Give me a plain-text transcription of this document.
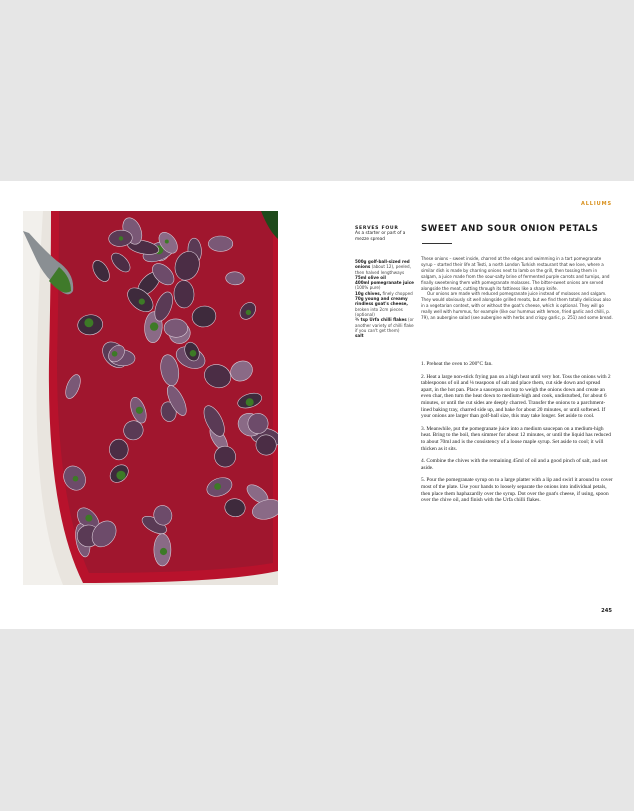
ALLIUMS
SERVES FOUR
As a starter or part of a mezze spread

500g golf-ball-sized red onions (about 12), peeled, then halved lengthways

75ml olive oil

400ml pomegranate juice (100% pure)

10g chives, finely chopped

70g young and creamy rindless goat's cheese, broken into 2cm pieces (optional)

¾ tsp Urfa chilli flakes (or another variety of chilli flake if you can't get them)

salt

SWEET AND SOUR ONION PETALS

These onions – sweet inside, charred at the edges and swimming in a tart pomegranate syrup – started their life at Testi, a north London Turkish restaurant that we love, where a similar dish is made by charring onions next to lamb on the grill, then tossing them in salgam, a juice made from the sour-salty brine of fermented purple carrots and turnips, and finally sweetening them with pomegranate molasses. The bitter-sweet onions are served alongside the meat, cutting through its fattiness like a sharp knife.

Our onions are made with reduced pomegranate juice instead of molasses and salgam. They would obviously sit well alongside grilled meats, but we find them totally delicious also in a vegetarian context, with or without the goat's cheese, which is optional. They will go really well with hummus, for example (like our hummus with lemon, fried garlic and chilli, p. 79), an aubergine salad (see aubergine with herbs and crispy garlic, p. 251) and some bread.

1. Preheat the oven to 200°C fan.

2. Heat a large non-stick frying pan on a high heat until very hot. Toss the onions with 2 tablespoons of oil and ⅛ teaspoon of salt and place them, cut side down and spread apart, in the hot pan. Place a saucepan on top to weigh the onions down and create an even char, then turn the heat down to medium-high and cook, undisturbed, for about 6 minutes, or until the cut sides are deeply charred. Transfer the onions to a parchment-lined baking tray, charred side up, and bake for about 20 minutes, or until softened. If your onions are larger than golf-ball size, this may take longer. Set aside to cool.

3. Meanwhile, put the pomegranate juice into a medium saucepan on a medium-high heat. Bring to the boil, then simmer for about 12 minutes, or until the liquid has reduced to about 70ml and is the consistency of a loose maple syrup. Set aside to cool; it will thicken as it sits.

4. Combine the chives with the remaining 45ml of oil and a good pinch of salt, and set aside.

5. Pour the pomegranate syrup on to a large platter with a lip and swirl it around to cover most of the plate. Use your hands to loosely separate the onions into individual petals, then place them haphazardly over the syrup. Dot over the goat's cheese, if using, spoon over the chive oil, and finish with the Urfa chilli flakes.

245
